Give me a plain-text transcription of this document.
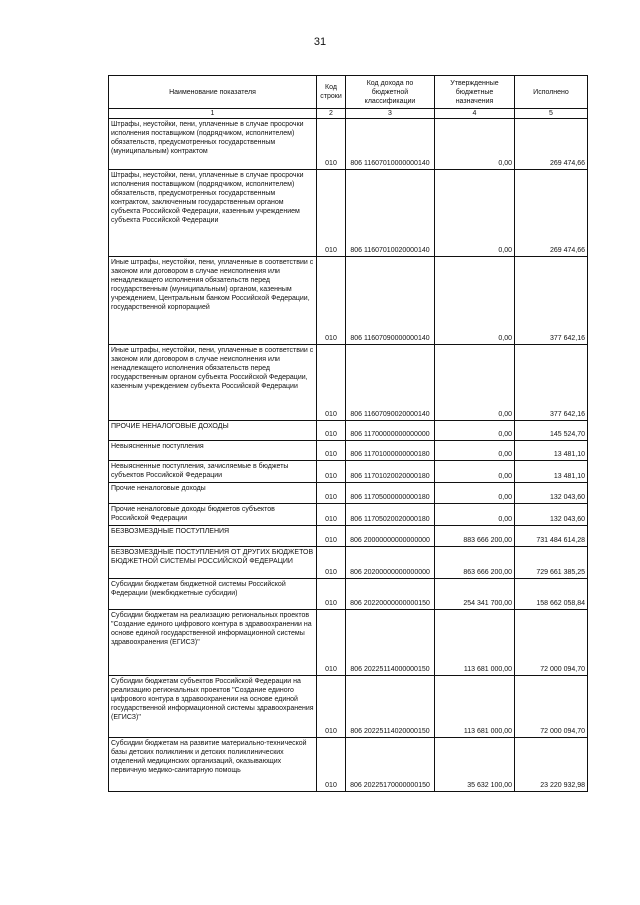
31
Наименование показателя	Код строки	Код дохода по бюджетной классификации	Утвержденные бюджетные назначения	Исполнено
1	2	3	4	5
Штрафы, неустойки, пени, уплаченные в случае просрочки исполнения поставщиком (подрядчиком, исполнителем) обязательств, предусмотренных государственным (муниципальным) контрактом	010	806 11607010000000140	0,00	269 474,66
Штрафы, неустойки, пени, уплаченные в случае просрочки исполнения поставщиком (подрядчиком, исполнителем) обязательств, предусмотренных государственным контрактом, заключенным государственным органом субъекта Российской Федерации, казенным учреждением субъекта Российской Федерации	010	806 11607010020000140	0,00	269 474,66
Иные штрафы, неустойки, пени, уплаченные в соответствии с законом или договором в случае неисполнения или ненадлежащего исполнения обязательств перед государственным (муниципальным) органом, казенным учреждением, Центральным банком Российской Федерации, государственной корпорацией	010	806 11607090000000140	0,00	377 642,16
Иные штрафы, неустойки, пени, уплаченные в соответствии с законом или договором в случае неисполнения или ненадлежащего исполнения обязательств перед государственным органом субъекта Российской Федерации, казенным учреждением субъекта Российской Федерации	010	806 11607090020000140	0,00	377 642,16
ПРОЧИЕ НЕНАЛОГОВЫЕ ДОХОДЫ	010	806 11700000000000000	0,00	145 524,70
Невыясненные поступления	010	806 11701000000000180	0,00	13 481,10
Невыясненные поступления, зачисляемые в бюджеты субъектов Российской Федерации	010	806 11701020020000180	0,00	13 481,10
Прочие неналоговые доходы	010	806 11705000000000180	0,00	132 043,60
Прочие неналоговые доходы бюджетов субъектов Российской Федерации	010	806 11705020020000180	0,00	132 043,60
БЕЗВОЗМЕЗДНЫЕ ПОСТУПЛЕНИЯ	010	806 20000000000000000	883 666 200,00	731 484 614,28
БЕЗВОЗМЕЗДНЫЕ ПОСТУПЛЕНИЯ ОТ ДРУГИХ БЮДЖЕТОВ БЮДЖЕТНОЙ СИСТЕМЫ РОССИЙСКОЙ ФЕДЕРАЦИИ	010	806 20200000000000000	863 666 200,00	729 661 385,25
Субсидии бюджетам бюджетной системы Российской Федерации (межбюджетные субсидии)	010	806 20220000000000150	254 341 700,00	158 662 058,84
Субсидии бюджетам на реализацию региональных проектов "Создание единого цифрового контура в здравоохранении на основе единой государственной информационной системы здравоохранения (ЕГИСЗ)"	010	806 20225114000000150	113 681 000,00	72 000 094,70
Субсидии бюджетам субъектов Российской Федерации на реализацию региональных проектов "Создание единого цифрового контура в здравоохранении на основе единой государственной информационной системы здравоохранения (ЕГИСЗ)"	010	806 20225114020000150	113 681 000,00	72 000 094,70
Субсидии бюджетам на развитие материально-технической базы детских поликлиник и детских поликлинических отделений медицинских организаций, оказывающих первичную медико-санитарную помощь	010	806 20225170000000150	35 632 100,00	23 220 932,98
